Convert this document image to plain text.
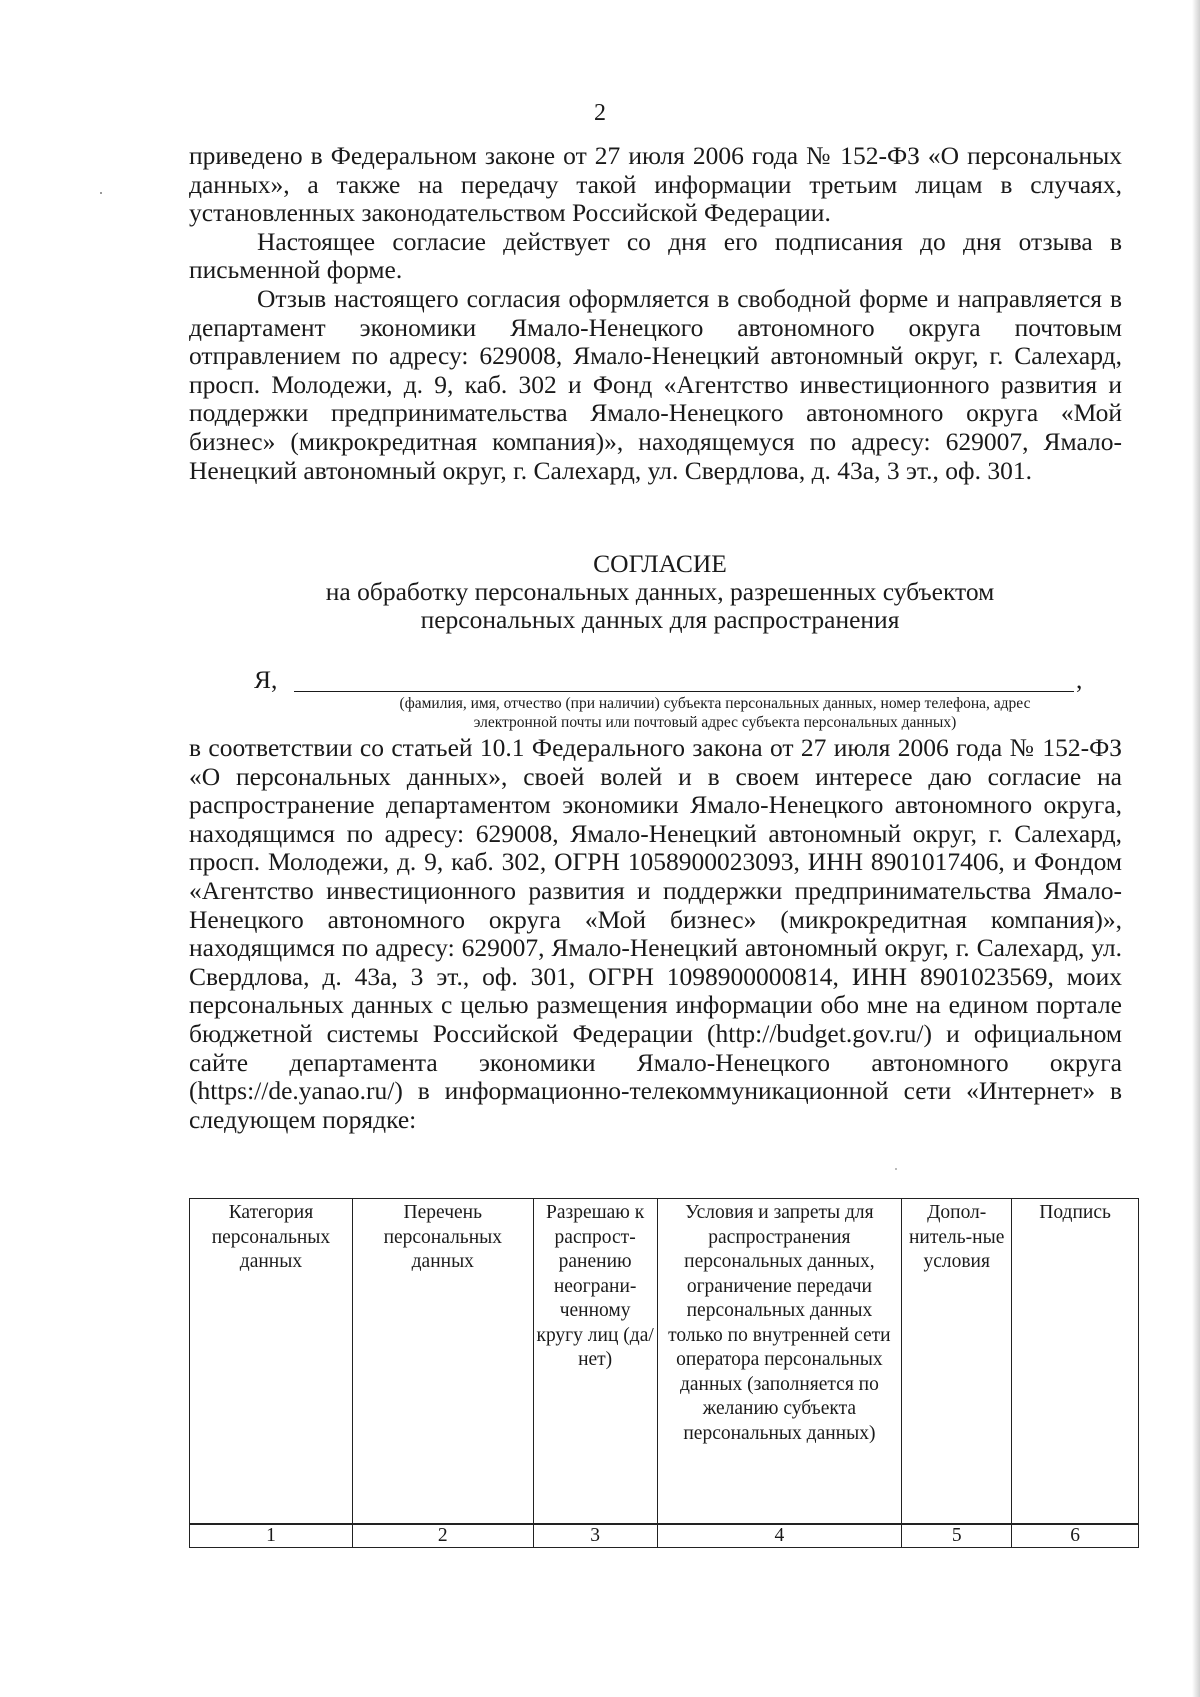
2

приведено в Федеральном законе от 27 июля 2006 года № 152-ФЗ «О персональных данных», а также на передачу такой информации третьим лицам в случаях, установленных законодательством Российской Федерации.

Настоящее согласие действует со дня его подписания до дня отзыва в письменной форме.

Отзыв настоящего согласия оформляется в свободной форме и направляется в департамент экономики Ямало-Ненецкого автономного округа почтовым отправлением по адресу: 629008, Ямало-Ненецкий автономный округ, г. Салехард, просп. Молодежи, д. 9, каб. 302 и Фонд «Агентство инвестиционного развития и поддержки предпринимательства Ямало-Ненецкого автономного округа «Мой бизнес» (микрокредитная компания)», находящемуся по адресу: 629007, Ямало-Ненецкий автономный округ, г. Салехард, ул. Свердлова, д. 43а, 3 эт., оф. 301.

СОГЛАСИЕ
на обработку персональных данных, разрешенных субъектом
персональных данных для распространения
Я,	,
(фамилия, имя, отчество (при наличии) субъекта персональных данных, номер телефона, адрес
электронной почты или почтовый адрес субъекта персональных данных)

в соответствии со статьей 10.1 Федерального закона от 27 июля 2006 года № 152-ФЗ «О персональных данных», своей волей и в своем интересе даю согласие на распространение департаментом экономики Ямало-Ненецкого автономного округа, находящимся по адресу: 629008, Ямало-Ненецкий автономный округ, г. Салехард, просп. Молодежи, д. 9, каб. 302, ОГРН 1058900023093, ИНН 8901017406, и Фондом «Агентство инвестиционного развития и поддержки предпринимательства Ямало-Ненецкого автономного округа «Мой бизнес» (микрокредитная компания)», находящимся по адресу: 629007, Ямало-Ненецкий автономный округ, г. Салехард, ул. Свердлова, д. 43а, 3 эт., оф. 301, ОГРН 1098900000814, ИНН 8901023569, моих персональных данных с целью размещения информации обо мне на едином портале бюджетной системы Российской Федерации (http://budget.gov.ru/) и официальном сайте департамента экономики Ямало-Ненецкого автономного округа (https://de.yanao.ru/) в информационно-телекоммуникационной сети «Интернет» в следующем порядке:

Категория персональных данных	Перечень персональных данных	Разрешаю к распрост-ранению неограни-ченному кругу лиц (да/нет)	Условия и запреты для распространения персональных данных, ограничение передачи персональных данных только по внутренней сети оператора персональных данных (заполняется по желанию субъекта персональных данных)	Допол-нитель-ные условия	Подпись
1	2	3	4	5	6
